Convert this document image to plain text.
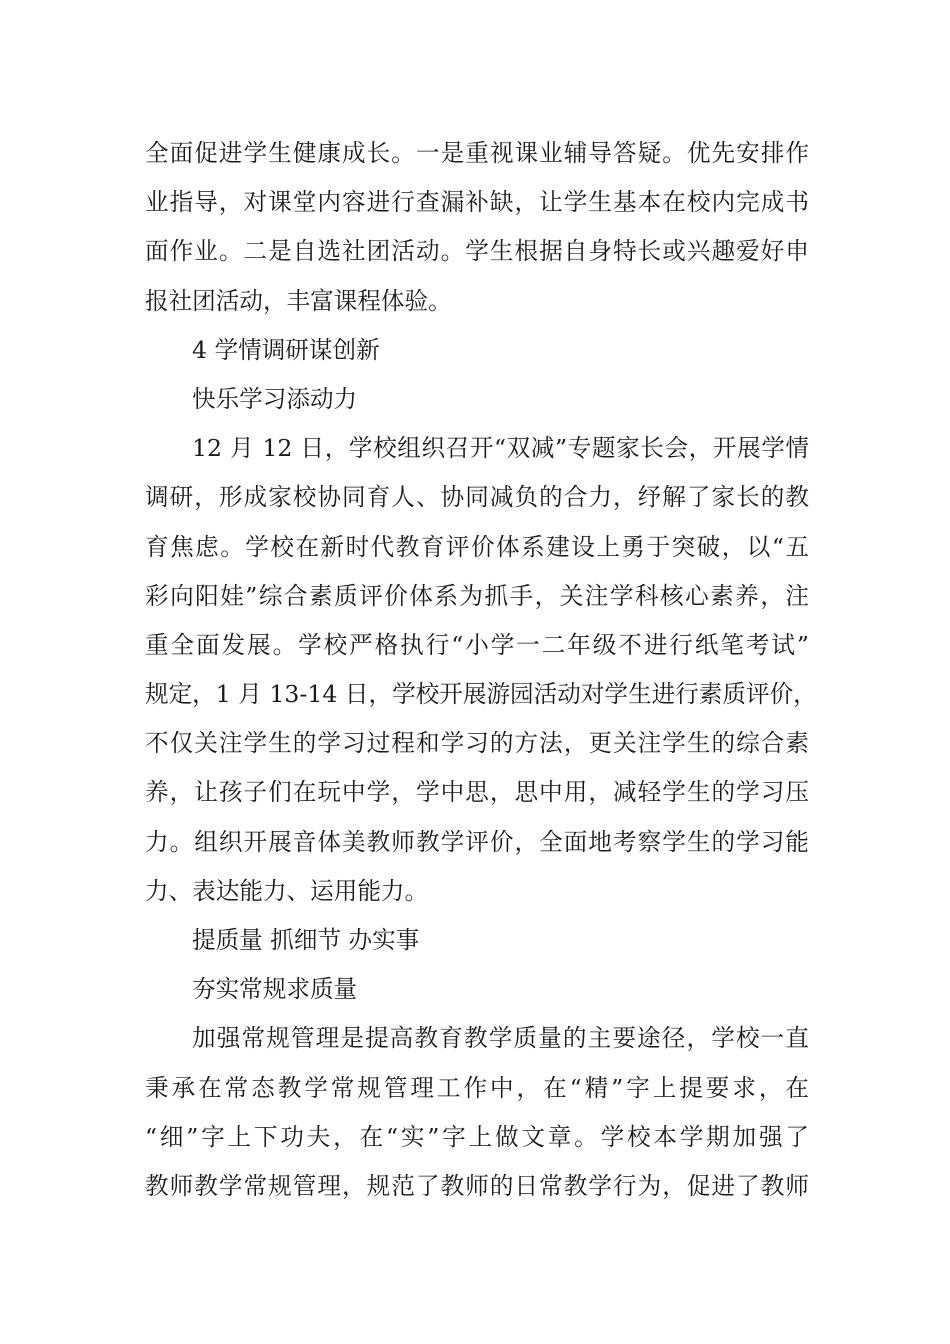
全面促进学生健康成长。一是重视课业辅导答疑。优先安排作
业指导，对课堂内容进行查漏补缺，让学生基本在校内完成书
面作业。二是自选社团活动。学生根据自身特长或兴趣爱好申
报社团活动，丰富课程体验。
4 学情调研谋创新
快乐学习添动力
12 月 12 日，学校组织召开“双减”专题家长会，开展学情
调研，形成家校协同育人、协同减负的合力，纾解了家长的教
育焦虑。学校在新时代教育评价体系建设上勇于突破，以“五
彩向阳娃”综合素质评价体系为抓手，关注学科核心素养，注
重全面发展。学校严格执行“小学一二年级不进行纸笔考试”
规定，1 月 13-14 日，学校开展游园活动对学生进行素质评价，
不仅关注学生的学习过程和学习的方法，更关注学生的综合素
养，让孩子们在玩中学，学中思，思中用，减轻学生的学习压
力。组织开展音体美教师教学评价，全面地考察学生的学习能
力、表达能力、运用能力。
提质量 抓细节 办实事
夯实常规求质量
加强常规管理是提高教育教学质量的主要途径，学校一直
秉承在常态教学常规管理工作中，在“精”字上提要求，在
“细”字上下功夫，在“实”字上做文章。学校本学期加强了
教师教学常规管理，规范了教师的日常教学行为，促进了教师
